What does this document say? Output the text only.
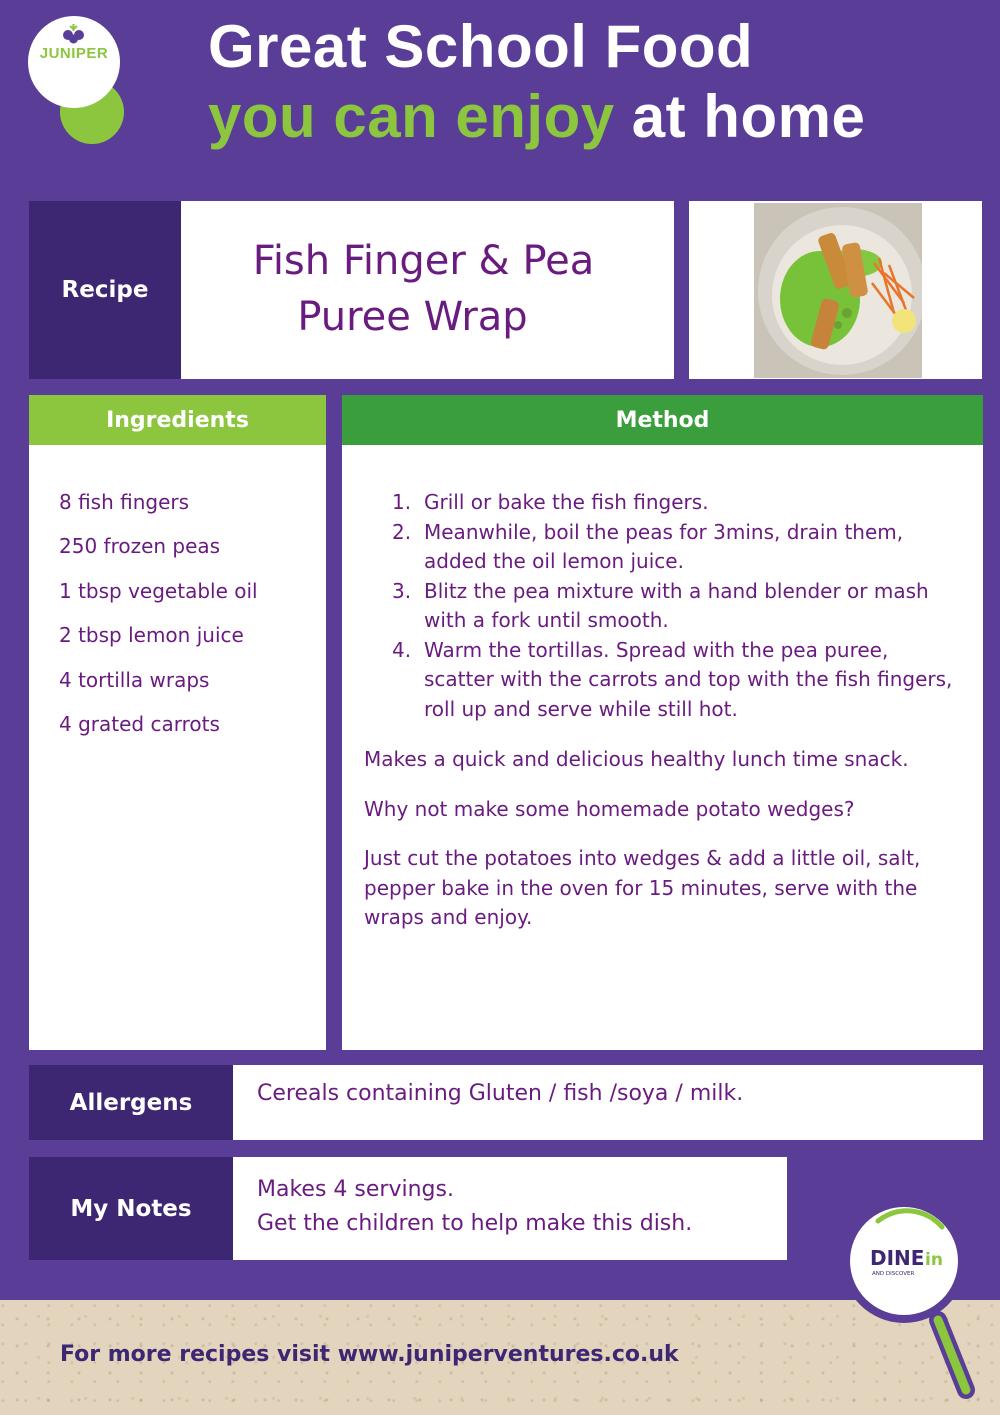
JUNIPER Great School Food
you can enjoy at home
Recipe
Fish Finger & Pea
Puree Wrap
Ingredients
8 fish fingers
250 frozen peas
1 tbsp vegetable oil
2 tbsp lemon juice
4 tortilla wraps
4 grated carrots
Method
1. Grill or bake the fish fingers.
2. Meanwhile, boil the peas for 3mins, drain them, added the oil lemon juice.
3. Blitz the pea mixture with a hand blender or mash with a fork until smooth.
4. Warm the tortillas. Spread with the pea puree, scatter with the carrots and top with the fish fingers, roll up and serve while still hot.

Makes a quick and delicious healthy lunch time snack.

Why not make some homemade potato wedges?

Just cut the potatoes into wedges & add a little oil, salt, pepper bake in the oven for 15 minutes, serve with the wraps and enjoy.

Allergens	Cereals containing Gluten / fish /soya / milk.
My Notes
Makes 4 servings.
Get the children to help make this dish.
For more recipes visit www.juniperventures.co.uk
DINE in
AND DISCOVER
